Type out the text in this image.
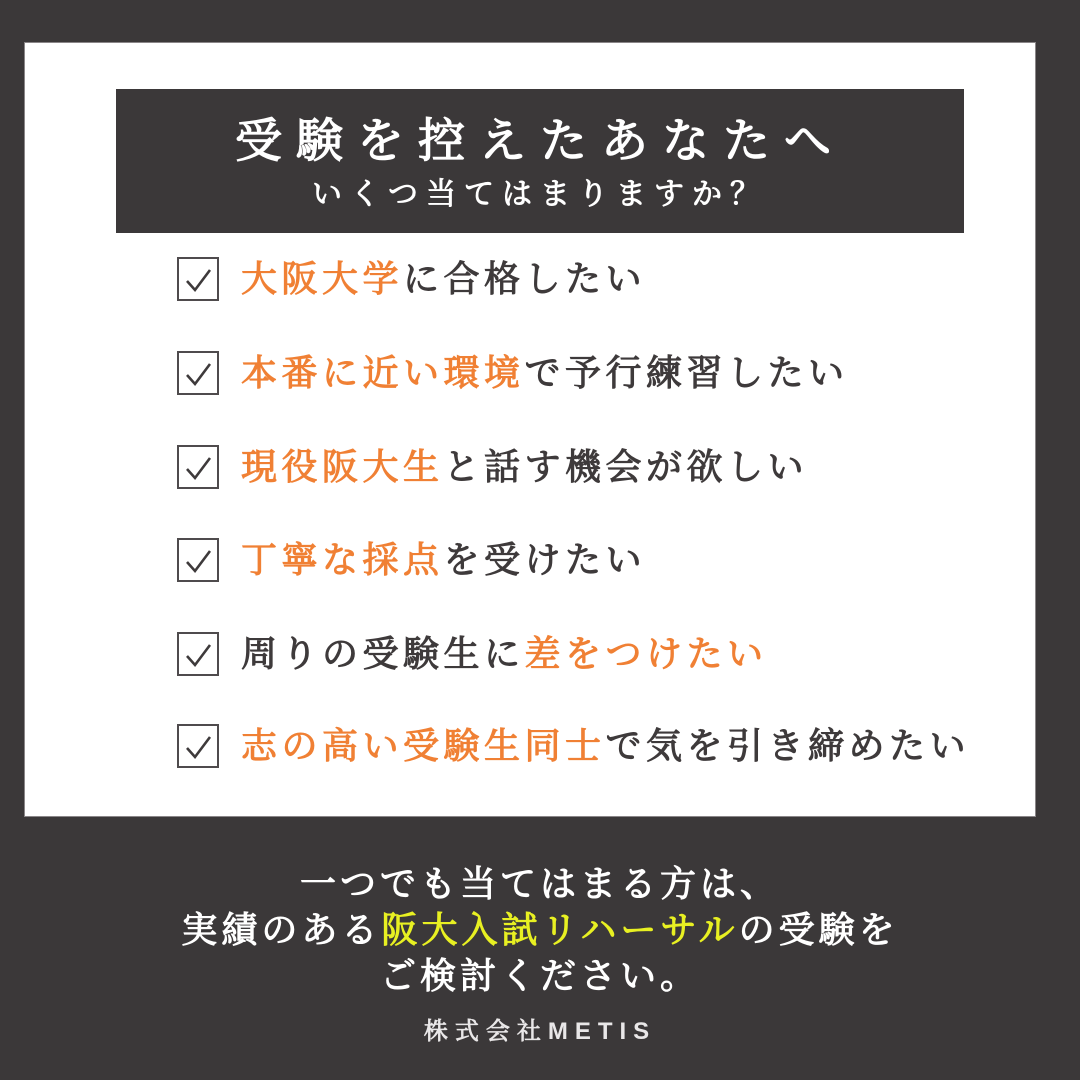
受験を控えたあなたへ
いくつ当てはまりますか？
大阪大学に合格したい
本番に近い環境で予行練習したい
現役阪大生と話す機会が欲しい
丁寧な採点を受けたい
周りの受験生に差をつけたい
志の高い受験生同士で気を引き締めたい
一つでも当てはまる方は、
実績のある阪大入試リハーサルの受験を
ご検討ください。
株式会社METIS
